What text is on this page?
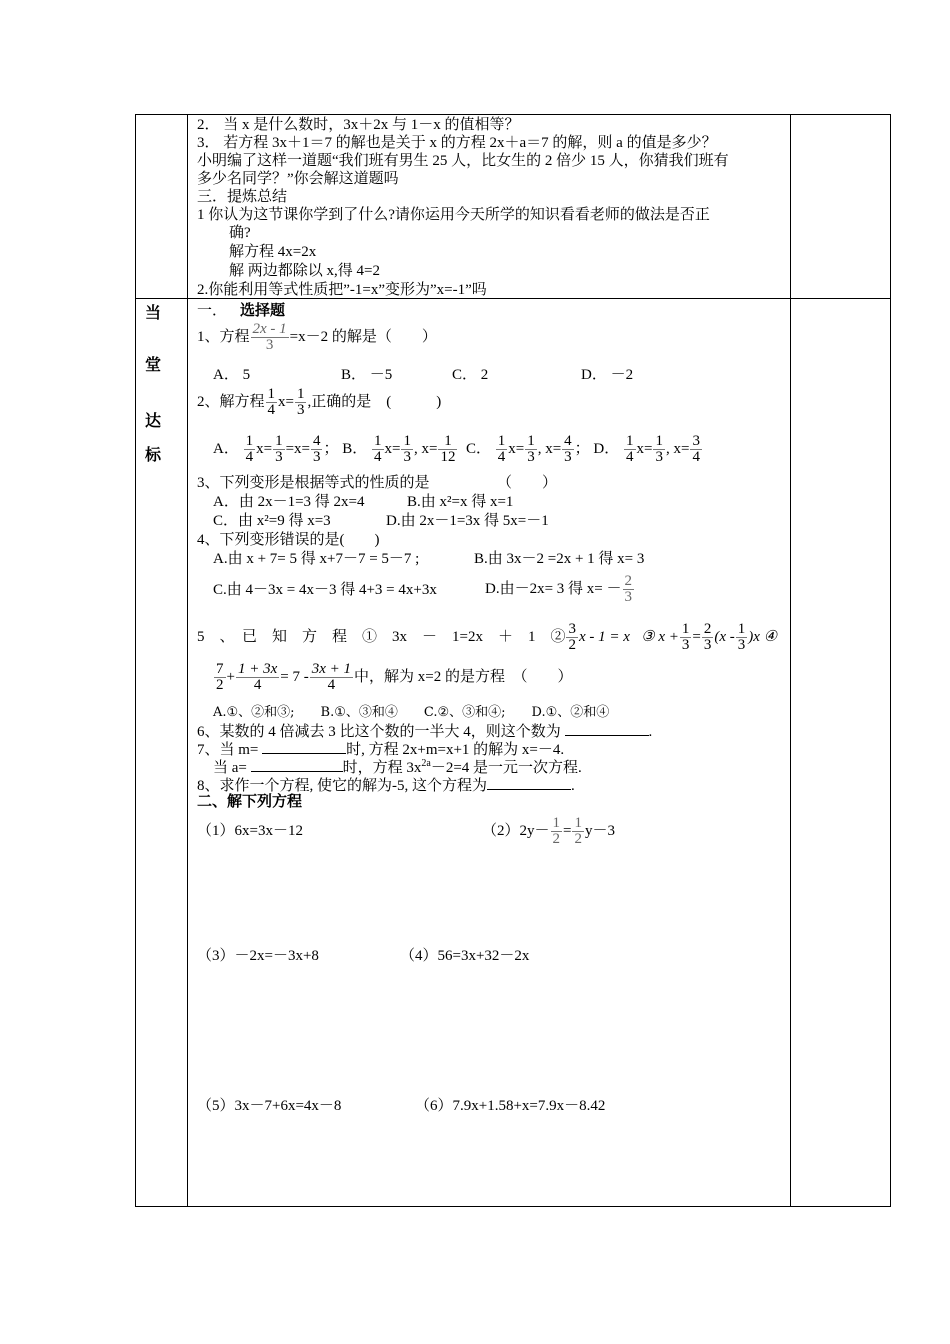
2． 当 x 是什么数时，3x＋2x 与 1－x 的值相等？
3． 若方程 3x＋1＝7 的解也是关于 x 的方程 2x＋a＝7 的解，则 a 的值是多少？
小明编了这样一道题“我们班有男生 25 人，比女生的 2 倍少 15 人，你猜我们班有
多少名同学？”你会解这道题吗
三．提炼总结
1 你认为这节课你学到了什么?请你运用今天所学的知识看看老师的做法是否正
确?
解方程 4x=2x
解 两边都除以 x,得 4=2
2.你能利用等式性质把”-1=x”变形为”x=-1”吗
当
堂
达
标
一． 选择题
1、方程 $\frac{2x - 1}{3} =x-2$ 的解是（　　）
A． 5	B． －5	C． 2	D． －2
2、解方程 $\frac{1}{4} x= \frac{1}{3}$ ,正确的是　(　　　)
A． $\frac{1}{4} x= \frac{1}{3} =x= \frac{4}{3}$ ； B． $\frac{1}{4} x= \frac{1}{3}$ , $x= \frac{1}{12}$ C． $\frac{1}{4} x= \frac{1}{3}$ , $x= \frac{4}{3}$ ； D． $\frac{1}{4} x= \frac{1}{3}$ , $x= \frac{3}{4}$
3、下列变形是根据等式的性质的是　　　　　（　　）
A．由 2x－1=3 得 2x=4	B.由 x²=x 得 x=1
C．由 x²=9 得 x=3	D.由 2x－1=3x 得 5x=－1
4、下列变形错误的是(　　)
A.由 x + 7= 5 得 x+7－7 = 5－7 ;	B.由 3x－2 =2x + 1 得 x= 3
C.由 4－3x = 4x－3 得 4+3 = 4x+3x	D.由－2x= 3 得 $x= - \frac{2}{3}$
5　、　已　知　方　程　①　3x　－　1=2x　＋　1　② $\frac{3}{2}$ x - 1 = x ③ $x + \frac{1}{3} = \frac{2}{3} (x - \frac{1}{3} )x$ ④
$\frac{7}{2} + \frac{1 + 3x}{4} = 7 - \frac{3x + 1}{4}$ 中，解为 x=2 的是方程　（　　）
A.①、②和③;　　B.①、③和④　　C.②、③和④;　　D.①、②和④
6、某数的 4 倍减去 3 比这个数的一半大 4，则这个数为	.
7、当 m=	时, 方程 2x+m=x+1 的解为 x=－4.
当 a=	时，方程 $3x^{2a}-2=4$ 是一元一次方程.
8、求作一个方程, 使它的解为-5, 这个方程为	.
二、解下列方程
（1）6x=3x－12	$(2)2y- \frac{1}{2} = \frac{1}{2} y-3$
（3）－2x=－3x+8	（4）56=3x+32－2x
（5）3x－7+6x=4x－8	（6）7.9x+1.58+x=7.9x－8.42
